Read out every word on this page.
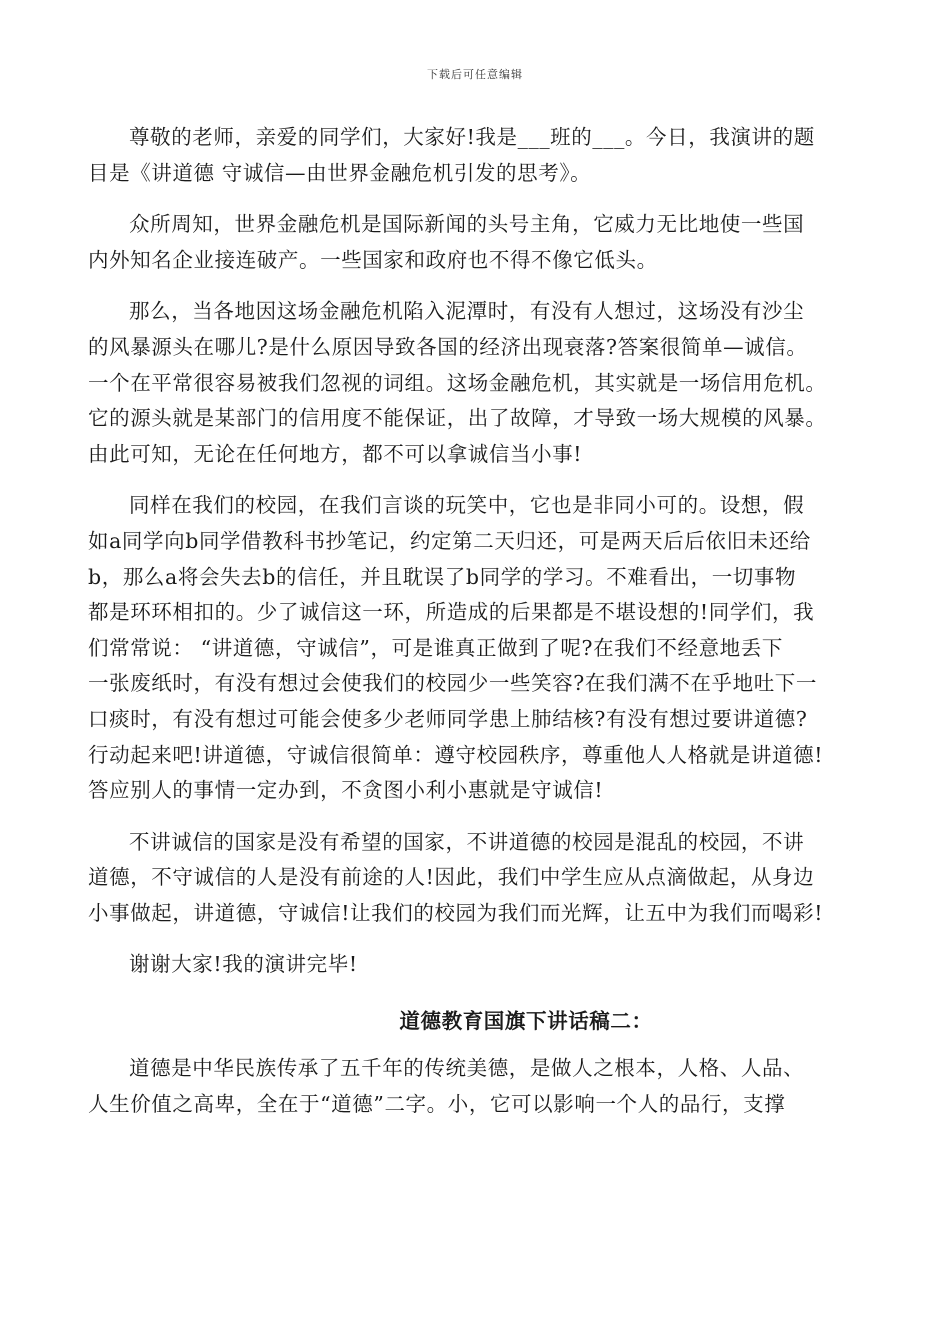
下载后可任意编辑

尊敬的老师，亲爱的同学们，大家好!我是___班的___。今日，我演讲的题
目是《讲道德 守诚信—由世界金融危机引发的思考》。

众所周知，世界金融危机是国际新闻的头号主角，它威力无比地使一些国
内外知名企业接连破产。一些国家和政府也不得不像它低头。

那么，当各地因这场金融危机陷入泥潭时，有没有人想过，这场没有沙尘
的风暴源头在哪儿?是什么原因导致各国的经济出现衰落?答案很简单—诚信。
一个在平常很容易被我们忽视的词组。这场金融危机，其实就是一场信用危机。
它的源头就是某部门的信用度不能保证，出了故障，才导致一场大规模的风暴。
由此可知，无论在任何地方，都不可以拿诚信当小事!

同样在我们的校园，在我们言谈的玩笑中，它也是非同小可的。设想，假
如a同学向b同学借教科书抄笔记，约定第二天归还，可是两天后后依旧未还给
b，那么a将会失去b的信任，并且耽误了b同学的学习。不难看出，一切事物
都是环环相扣的。少了诚信这一环，所造成的后果都是不堪设想的!同学们，我
们常常说： “讲道德，守诚信”，可是谁真正做到了呢?在我们不经意地丢下
一张废纸时，有没有想过会使我们的校园少一些笑容?在我们满不在乎地吐下一
口痰时，有没有想过可能会使多少老师同学患上肺结核?有没有想过要讲道德?
行动起来吧!讲道德，守诚信很简单：遵守校园秩序，尊重他人人格就是讲道德!
答应别人的事情一定办到，不贪图小利小惠就是守诚信!

不讲诚信的国家是没有希望的国家，不讲道德的校园是混乱的校园，不讲
道德，不守诚信的人是没有前途的人!因此，我们中学生应从点滴做起，从身边
小事做起，讲道德，守诚信!让我们的校园为我们而光辉，让五中为我们而喝彩!

谢谢大家!我的演讲完毕!

道德教育国旗下讲话稿二：

道德是中华民族传承了五千年的传统美德，是做人之根本，人格、人品、
人生价值之高卑，全在于“道德”二字。小，它可以影响一个人的品行，支撑
